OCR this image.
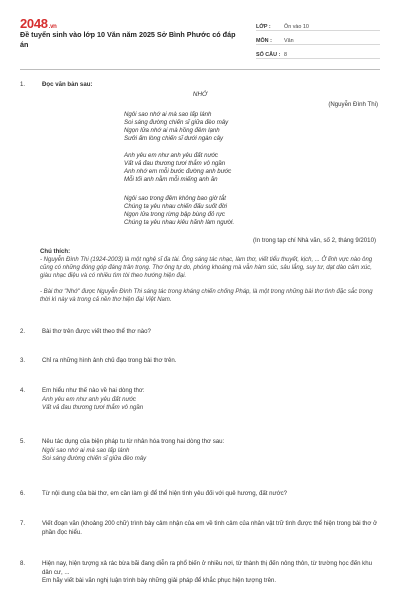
2048.vn
Đề tuyển sinh vào lớp 10 Văn năm 2025 Sở Bình Phước có đáp án
LỚP :	Ôn vào 10
MÔN :	Văn
SỐ CÂU : 8
1.	Đọc văn bản sau:
NHỚ
(Nguyễn Đình Thi)
Ngôi sao nhớ ai mà sao lấp lánh
Soi sáng đường chiến sĩ giữa đèo mây
Ngọn lửa nhớ ai mà hồng đêm lạnh
Sưởi ấm lòng chiến sĩ dưới ngàn cây
Anh yêu em như anh yêu đất nước
Vất vả đau thương tươi thắm vô ngần
Anh nhớ em mỗi bước đường anh bước
Mỗi tối anh nằm mỗi miếng anh ăn
Ngôi sao trong đêm không bao giờ tắt
Chúng ta yêu nhau chiến đấu suốt đời
Ngọn lửa trong rừng bập bùng đỏ rực
Chúng ta yêu nhau kiêu hãnh làm người.
(In trong tạp chí Nhà văn, số 2, tháng 9/2010)
Chú thích:
- Nguyễn Đình Thi (1924-2003) là một nghệ sĩ đa tài. Ông sáng tác nhạc, làm thơ, viết tiểu thuyết, kịch, ... Ở lĩnh vực nào ông cũng có những đóng góp đáng trân trọng. Thơ ông tự do, phóng khoáng mà vẫn hàm súc, sâu lắng, suy tư, dạt dào cảm xúc, giàu nhạc điệu và có nhiều tìm tòi theo hướng hiện đại.
- Bài thơ "Nhớ" được Nguyễn Đình Thi sáng tác trong kháng chiến chống Pháp, là một trong những bài thơ tình đặc sắc trong thời kì này và trong cả nền thơ hiện đại Việt Nam.
2.	Bài thơ trên được viết theo thể thơ nào?
3.	Chỉ ra những hình ảnh chủ đạo trong bài thơ trên.
4.	Em hiểu như thế nào về hai dòng thơ:
Anh yêu em như anh yêu đất nước
Vất vả đau thương tươi thắm vô ngần
5.	Nêu tác dụng của biện pháp tu từ nhân hóa trong hai dòng thơ sau:
Ngôi sao nhớ ai mà sao lấp lánh
Soi sáng đường chiến sĩ giữa đèo mây
6.	Từ nội dung của bài thơ, em cần làm gì để thể hiện tình yêu đối với quê hương, đất nước?
7.	Viết đoạn văn (khoảng 200 chữ) trình bày cảm nhận của em về tình cảm của nhân vật trữ tình được thể hiện trong bài thơ ở phần đọc hiểu.
8.	Hiện nay, hiện tượng xả rác bừa bãi đang diễn ra phổ biến ở nhiều nơi, từ thành thị đến nông thôn, từ trường học đến khu dân cư, ...
Em hãy viết bài văn nghị luận trình bày những giải pháp để khắc phục hiện tượng trên.
